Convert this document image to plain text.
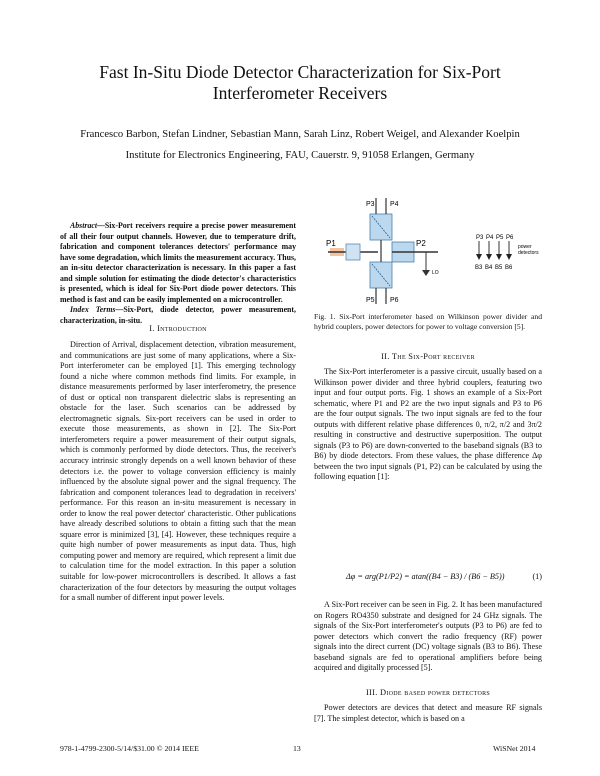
Fast In-Situ Diode Detector Characterization for Six-Port
Interferometer Receivers
Francesco Barbon, Stefan Lindner, Sebastian Mann, Sarah Linz, Robert Weigel, and Alexander Koelpin
Institute for Electronics Engineering, FAU, Cauerstr. 9, 91058 Erlangen, Germany

Abstract—Six-Port receivers require a precise power measurement of all their four output channels. However, due to temperature drift, fabrication and component tolerances detectors' performance may have some degradation, which limits the measurement accuracy. Thus, an in-situ detector characterization is necessary. In this paper a fast and simple solution for estimating the diode detector's characteristics is presented, which is ideal for Six-Port diode power detectors. This method is fast and can be easily implemented on a microcontroller.

Index Terms—Six-Port, diode detector, power measurement, characterization, in-situ.

I. Introduction

Direction of Arrival, displacement detection, vibration measurement, and communications are just some of many applications, where a Six-Port interferometer can be employed [1]. This emerging technology found a niche where common methods find limits. For example, in distance measurements performed by laser interferometry, the presence of dust or optical non transparent dielectric slabs is representing an obstacle for the laser. Such scenarios can be addressed by electromagnetic signals. Six-port receivers can be used in order to execute those measurements, as shown in [2]. The Six-Port interferometers require a power measurement of their output signals, which is commonly performed by diode detectors. Thus, the receiver's accuracy intrinsic strongly depends on a well known behavior of these detectors i.e. the power to voltage conversion efficiency is mainly influenced by the absolute signal power and the signal frequency. The fabrication and component tolerances lead to degradation in receivers' performance. For this reason an in-situ measurement is necessary in order to know the real power detector' characteristic. Other publications have already described solutions to obtain a fitting such that the mean square error is minimized [3], [4]. However, these techniques require a quite high number of power measurements as input data. Thus, high computing power and memory are required, which represent a limit due to calculation time for the model extraction. In this paper a solution suitable for low-power microcontrollers is described. It allows a fast characterization of the four detectors by measuring the output voltages for a small number of different input power levels.

LO
P1	P2
P3 P4
P5 P6
P3 P4 P5 P6
B3 B4 B5 B6
power
detectors
Fig. 1. Six-Port interferometer based on Wilkinson power divider and hybrid couplers, power detectors for power to voltage conversion [5].
II. The Six-Port receiver

The Six-Port interferometer is a passive circuit, usually based on a Wilkinson power divider and three hybrid couplers, featuring two input and four output ports. Fig. 1 shows an example of a Six-Port schematic, where P1 and P2 are the two input signals and P3 to P6 are the four output signals. The two input signals are fed to the four outputs with different relative phase differences 0, π/2, π/2 and 3π/2 resulting in constructive and destructive superposition. The output signals (P3 to P6) are down-converted to the baseband signals (B3 to B6) by diode detectors. From these values, the phase difference Δφ between the two input signals (P1, P2) can be calculated by using the following equation [1]:

Δφ = arg(P1/P2) = atan((B4 − B3) / (B6 − B5))	(1)

A Six-Port receiver can be seen in Fig. 2. It has been manufactured on Rogers RO4350 substrate and designed for 24 GHz signals. The signals of the Six-Port interferometer's outputs (P3 to P6) are fed to power detectors which convert the radio frequency (RF) power signals into the direct current (DC) voltage signals (B3 to B6). These baseband signals are fed to operational amplifiers before being acquired and digitally processed [5].

III. Diode based power detectors

Power detectors are devices that detect and measure RF signals [7]. The simplest detector, which is based on a

978-1-4799-2300-5/14/$31.00 © 2014 IEEE	13	WiSNet 2014
